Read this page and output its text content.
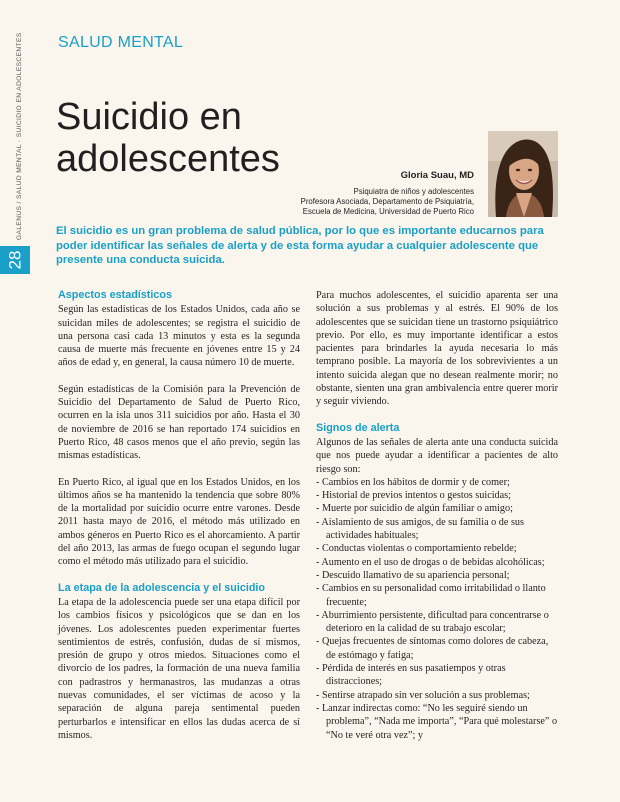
GALENUS / SALUD MENTAL · SUICIDIO EN ADOLESCENTES
28
SALUD MENTAL
Suicidio en
adolescentes	Gloria Suau, MD
Psiquiatra de niños y adolescentes
Profesora Asociada, Departamento de Psiquiatría,
Escuela de Medicina, Universidad de Puerto Rico
El suicidio es un gran problema de salud pública, por lo que es importante educarnos para poder identificar las señales de alerta y de esta forma ayudar a cualquier adolescente que presente una conducta suicida.
Aspectos estadísticos

Según las estadísticas de los Estados Unidos, cada año se suicidan miles de adolescentes; se registra el suicidio de una persona casi cada 13 minutos y esta es la segunda causa de muerte más frecuente en jóvenes entre 15 y 24 años de edad y, en general, la causa número 10 de muerte.

Según estadísticas de la Comisión para la Prevención de Suicidio del Departamento de Salud de Puerto Rico, ocurren en la isla unos 311 suicidios por año. Hasta el 30 de noviembre de 2016 se han reportado 174 suicidios en Puerto Rico, 48 casos menos que el año previo, según las mismas estadísticas.

En Puerto Rico, al igual que en los Estados Unidos, en los últimos años se ha mantenido la tendencia que sobre 80% de la mortalidad por suicidio ocurre entre varones. Desde 2011 hasta mayo de 2016, el método más utilizado en ambos géneros en Puerto Rico es el ahorcamiento. A partir del año 2013, las armas de fuego ocupan el segundo lugar como el método más utilizado para el suicidio.

La etapa de la adolescencia y el suicidio

La etapa de la adolescencia puede ser una etapa difícil por los cambios físicos y psicológicos que se dan en los jóvenes. Los adolescentes pueden experimentar fuertes sentimientos de estrés, confusión, dudas de sí mismos, presión de grupo y otros miedos. Situaciones como el divorcio de los padres, la formación de una nueva familia con padrastros y hermanastros, las mudanzas a otras nuevas comunidades, el ser víctimas de acoso y la separación de alguna pareja sentimental pueden perturbarlos e intensificar en ellos las dudas acerca de sí mismos.

Para muchos adolescentes, el suicidio aparenta ser una solución a sus problemas y al estrés. El 90% de los adolescentes que se suicidan tiene un trastorno psiquiátrico previo. Por ello, es muy importante identificar a estos pacientes para brindarles la ayuda necesaria lo más temprano posible. La mayoría de los sobrevivientes a un intento suicida alegan que no desean realmente morir; no obstante, sienten una gran ambivalencia entre querer morir y seguir viviendo.

Signos de alerta

Algunos de las señales de alerta ante una conducta suicida que nos puede ayudar a identificar a pacientes de alto riesgo son:

- Cambios en los hábitos de dormir y de comer;
- Historial de previos intentos o gestos suicidas;
- Muerte por suicidio de algún familiar o amigo;
- Aislamiento de sus amigos, de su familia o de sus actividades habituales;
- Conductas violentas o comportamiento rebelde;
- Aumento en el uso de drogas o de bebidas alcohólicas;
- Descuido llamativo de su apariencia personal;
- Cambios en su personalidad como irritabilidad o llanto frecuente;
- Aburrimiento persistente, dificultad para concentrarse o deterioro en la calidad de su trabajo escolar;
- Quejas frecuentes de síntomas como dolores de cabeza, de estómago y fatiga;
- Pérdida de interés en sus pasatiempos y otras distracciones;
- Sentirse atrapado sin ver solución a sus problemas;
- Lanzar indirectas como: “No les seguiré siendo un problema”, “Nada me importa”, “Para qué molestarse” o “No te veré otra vez”; y
